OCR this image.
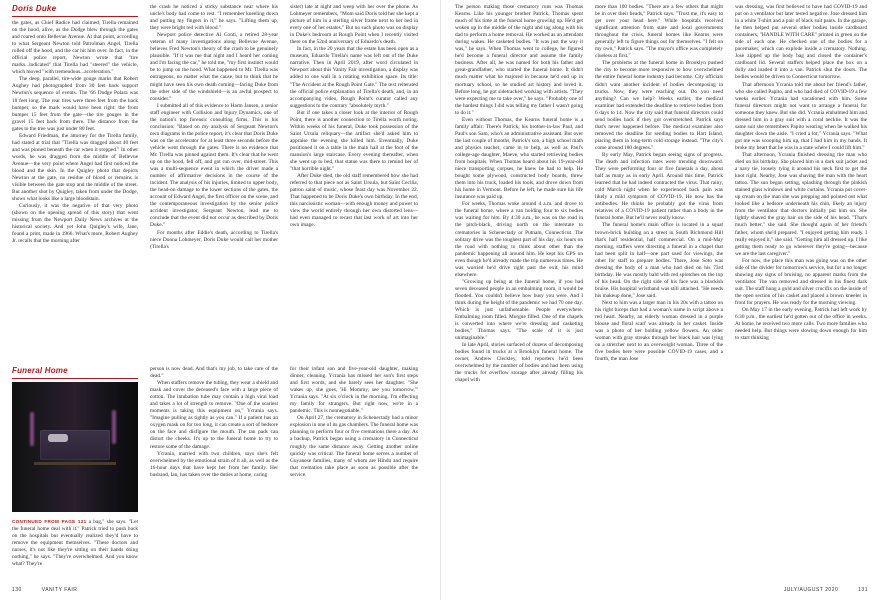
Doris Duke

the gates, as Chief Radice had claimed, Tirella remained on the hood, alive, as the Dodge blew through the gates and roared onto Bellevue Avenue. At that point, according to what Sergeant Newton told Patrolman Angel, Tirella rolled off the hood, and the car hit him over. In fact, in the official police report, Newton wrote that "tire marks...indicated" that Tirella had "steered" the vehicle, which moved "with tremendous...acceleration."

The deep, parallel, tire-wide gouge marks that Robert Aughey had photographed from 30 feet back support Newton's sequence of events. The '66 Dodge Polara was 18 feet long. The rear tires were three feet from the back bumper, so the mark would have been right: the front bumper 15 feet from the gate—the tire gouges in the gravel 15 feet back from there. The distance from the gates to the tree was just under 80 feet.

Edward Friedman, the attorney for the Tirella family, had stated at trial that "Tirella was dragged about 40 feet and was pinned beneath the car when it stopped." In other words, he was dragged from the middle of Bellevue Avenue—the very point where Angel had first noticed the blood and the skin. In the Quigley photo that depicts Newton at the gate, no residue of blood or remains is visible between the gate stop and the middle of the street. But another shot by Quigley, taken from under the Dodge, shows what looks like a large bloodstain.

Curiously, it was the negative of that very photo (shown on the opening spread of this story) that went missing from the Newport Daily News archives at the historical society. And yet John Quigley's wife, Jane, found a print, made in 1966. What's more, Robert Aughey Jr. recalls that the morning after

the crash he noticed a sticky substance near where his uncle's body had come to rest. "I remember kneeling down and putting my fingers in it," he says. "Lifting them up, they were bright red with blood."

Newport police detective Al Conti, a retired 28-year veteran of many investigations along Bellevue Avenue, believes Fred Newton's theory of the crash to be genuinely plausible. "If it was me that night and I heard her coming and I'm facing the car," he told me, "my first instinct would be to jump on the hood. What happened to Mr. Tirella was outrageous, no matter what the cause, but to think that he might have seen his own death coming—facing Duke from the other side of the windshield—is an awful prospect to consider."

I submitted all of this evidence to Harm Jansen, a senior staff engineer with Collision and Injury Dynamics, one of the nation's top forensic consulting firms. This is his conclusion: "Based on my analysis of Sergeant Newton's own diagrams in the police report, it's clear that Doris Duke was on the accelerator for at least three seconds before the vehicle went through the gates. There is no evidence that Mr. Tirella was pinned against them. It's clear that he went up on the hood, fell off, and got run over, mid-street. This was a multi-sequence event in which the driver made a number of affirmative decisions in the course of the incident. The analysis of his injuries, limited to upper body, the head-on damage to the lower sections of the gates, the account of Edward Angel, the first officer on the scene, and the contemporaneous investigation by the senior police accident investigator, Sergeant Newton, lead me to conclude that the event did not occur as described by Doris Duke."

For months after Eddie's death, according to Tirella's niece Donna Lohmeyer, Doris Duke would call her mother (Tirella's

sister) late at night and weep with her over the phone. As Lohmeyer remembers, "Mom said Doris told her she kept a picture of him in a sterling silver frame next to her bed in every one of her estates." But no such photo was on display in Duke's bedroom at Rough Point when I recently visited there on the 52nd anniversary of Eduardo's death.

In fact, in the 20 years that the estate has been open as a museum, Eduardo Tirella's name was left out of the Duke narrative. Then in April 2019, after word circulated in Newport about this Vanity Fair investigation, a display was added to one wall in a rotating exhibition space. Its title: "The Accident at the Rough Point Gate." The text reiterated the official police explanation of Tirella's death, and, in an accompanying video, Rough Point's curator called any suggestions to the contrary "absolutely myth."

But if one takes a closer look at the interior of Rough Point, there is another connection to Tirella worth noting. Within weeks of his funeral, Duke took possession of the Saint Ursula reliquary—the artifact she'd asked him to appraise the evening she killed him. Eventually, Duke positioned it on a table in the main hall at the foot of the mansion's large staircase. Every evening thereafter, when she went up to bed, that statue was there to remind her of "that horrible night."

After Duke died, the old staff remembered how she had referred to that piece not as Saint Ursula, but Saint Cecilia, patron saint of music, whose feast day was November 22. That happened to be Doris Duke's own birthday. In the end, this narcissistic woman—with enough money and power to view the world entirely through her own distorted lens—had even managed to recast that last work of art into her own image.

Funeral Home

CONTINUED FROM PAGE 121 a bag," she says. "Let the funeral home deal with it." Patrick tried to push back on the hospitals but eventually realized they'd have to remove the equipment themselves. "These doctors and nurses, it's not like they're sitting on their hands doing nothing," he says. "They're overwhelmed. And you know what? They're

person is now dead. And that's my job, to take care of the dead."

When staffers remove the tubing, they wear a shield and mask and cover the deceased's face with a large piece of cotton. The intubation tube may contain a high viral load and takes a lot of strength to remove. "One of the scariest moments is taking this equipment on," Ycrania says. "Imagine pulling as tightly as you can." If a patient has an oxygen mask on for too long, it can create a sort of bedsore on the face and disfigure the mouth. The tan pads can distort the cheeks. It's up to the funeral home to try to restore some of the damage.

Ycrania, married with two children, says she's felt overwhelmed by the emotional strain of it all, as well as the 16-hour days that have kept her from her family. Her husband, Ian, has taken over the duties at home, caring

for their infant son and five-year-old daughter, making dinner, cleaning. Ycrania has missed her son's first steps and first words, and she barely sees her daughter. "She wakes up, she goes, 'Hi Mommy, see you tomorrow,'" Ycrania says. "At six o'clock in the morning. I'm effecting my family for strangers. But right now, we're in a pandemic. This is nonnegotiable."

On April 27, the crematory in Schenectady had a minor explosion in one of its gas chambers. The funeral home was planning to perform four or five cremations there a day. As a backup, Patrick began using a crematory in Connecticut roughly the same distance away. Getting another online quickly was critical. The funeral home serves a number of Guyanese families, many of whom are Hindu and require that cremation take place as soon as possible after the service.

130	VANITY FAIR

The person making those crematory runs was Thomas Kearns. Like his younger brother Patrick, Thomas spent much of his time at the funeral home growing up. He'd get woken up in the middle of the night and tag along with his dad to perform a home removal. He worked as an attendant during wakes. He casketed bodies. "It was just the way it was," he says. When Thomas went to college, he figured he'd become a funeral director and assume the family business. After all, he was named for both his father and great-grandfather, who started the funeral home. It didn't much matter what he majored in because he'd end up in mortuary school, so he studied art history and loved it. Before long, he got sidetracked working with artists. "They were expecting me to take over," he says. "Probably one of the hardest things I did was telling my father I wasn't going to do it."

Even without Thomas, the Kearns funeral home is a family affair: There's Patrick, his brother-in-law Paul, and Paul's son Sam, who's an administrative assistant. But over the last couple of months, Patrick's son, a high school math and physics teacher, came in to help, as well as Paul's college-age daughter, Maeve, who started retrieving bodies from hospitals. When Thomas heard about his 19-year-old niece transporting corpses, he knew he had to help. He bought some plywood, constructed body boards, threw them into his truck, loaded his tools, and drove down from his home in Vermont. Before he left, he made sure his life insurance was paid up.

For weeks, Thomas woke around 4 a.m. and drove to the funeral home, where a van holding four to six bodies was waiting for him. By 4:30 a.m., he was on the road in the pitch-black, driving north on the interstate to crematories in Schenectady or Putnam, Connecticut. The solitary drive was the toughest part of his day, six hours on the road with nothing to think about other than the pandemic happening all around him. He kept his GPS on even though he'd already made the trip numerous times. He was worried he'd drive right past the exit, his mind elsewhere.

"Growing up being at the funeral home, if you had seven deceased people in an embalming room, it would be flooded. You couldn't believe how busy you were. And I think during the height of the pandemic we had 70 one day. Which is just unfathomable. People everywhere. Embalming room filled. Morgue filled. One of the chapels is converted into where we're dressing and casketing bodies," Thomas says. "The scale of it is just unimaginable."

In late April, stories surfaced of dozens of decomposing bodies found in trucks at a Brooklyn funeral home. The owner, Andrew Cleckley, told reporters he'd been overwhelmed by the number of bodies and had been using the trucks for overflow storage after already filling his chapel with

more than 100 bodies. "There are a few others that might be in over their heads," Patrick says. "Trust me, it's easy to get over your head here." While hospitals received significant attention from state and local governments throughout the crisis, funeral homes like Kearns were generally left to figure things out for themselves. "I felt on my own," Patrick says. "The mayor's office was completely clueless at first."

The problems at the funeral home in Brooklyn pushed the city to become more responsive to how overwhelmed the entire funeral home industry had become. City officials didn't want another incident of bodies decomposing in trucks. Now, they were reaching out. Do you need anything? Can we help? Weeks earlier, the medical examiner had extended the deadline to retrieve bodies from 6 days to 14. Now the city said that funeral directors could send bodies back if they got overstretched. Patrick says that's never happened before. The medical examiner also removed the deadline for sending bodies to Hart Island, placing them in long-term cold storage instead. "The city's come around 180 degrees."

By early May, Patrick began seeing signs of progress. The death and infection rates were trending downward. They were performing four or five funerals a day, about half as many as in early April. Around this time, Patrick learned that he had indeed contracted the virus. That rainy, cold March night when he experienced back pain was likely a mild symptom of COVID-19. He now has the antibodies. He thinks he probably got the virus from relatives of a COVID-19 patient rather than a body in the funeral home. But he'll never really know.

The funeral home's main office is located in a squat brown-brick building on a street in South Richmond Hill that's half residential, half commercial. On a mid-May morning, staffers were directing a funeral in a chapel that had been split in half—one part used for viewings, the other for staff to prepare bodies. There, Jose Soto was dressing the body of a man who had died on his 73rd birthday. He was mostly bald with red splotches on the top of his head. On the right side of his face was a blackish bruise. His hospital wristband was still attached. "He needs his makeup done," Jose said.

Next to him was a larger man in his 20s with a tattoo on his right biceps that had a woman's name in script above a red heart. Nearby, an elderly woman dressed in a purple blouse and floral scarf was already in her casket. Inside was a photo of her holding yellow flowers. An older woman with gray streaks through her black hair was lying on a stretcher next to an overweight woman. Three of the five bodies here were possible COVID-19 cases, and a fourth, the man Jose

was dressing, was first believed to have had COVID-19 and put on a ventilator but later tested negative. Jose dressed him in a white T-shirt and a pair of black suit pants. In the garage, he then helped put several other bodies inside cardboard containers, "HANDLE WITH CARE" printed in green on the side of each one. He checked one of the bodies for a pacemaker, which can explode inside a crematory. Nothing. Jose zipped up the body bag and closed the container's cardboard lid. Several staffers helped place the box on a dolly and loaded it into a van. Patrick shut the doors. The bodies would be driven to Connecticut tomorrow.

That afternoon Ycrania told me about her friend's father, who she called Papito, and who had died of COVID-19 a few weeks earlier. Ycrania had vacationed with him. Some funeral directors might not want to arrange a funeral for someone they knew. But she did. Ycrania embalmed him and dressed him in a gray suit with a coral necktie. It was the same suit she remembers Papito wearing when he walked his daughter down the aisle. "I cried a lot," Ycrania says. "What got me was scooping him up, that I had him in my hands. It broke my heart that he was in a state where I could lift him."

That afternoon, Ycrania finished dressing the man who died on his birthday. She placed him in a dark suit jacket and a navy tie, loosely tying it around his neck first to get the knot right. Nearby, Jose was shaving the man with the heart tattoo. The sun began setting, splashing through the pinkish stained glass windows and white curtains. Ycrania put cover-up cream on the man she was prepping and pointed out what looked like a bedsore underneath his chin, likely an injury from the ventilator that doctors initially put him on. She lightly shaved the gray hair on the side of his head. "That's much better," she said. She thought again of her friend's father, whom she'd prepared. "I enjoyed getting him ready. I really enjoyed it," she said. "Getting him all dressed up. I like getting them ready to go wherever they're going—because we are the last caregiver."

For now, the place this man was going was on the other side of the divider for tomorrow's service, but for a no longer showing any signs of bruising, no apparent marks from the ventilator. The van removed and dressed in his finest dark suit. The staff hung a gold and silver crucifix on the inside of the open section of his casket and placed a brown kneeler in front for prayers. He was ready for the morning viewing.

On May 17 in the early evening, Patrick had left work by 6:30 p.m., the earliest he'd gotten out of the office in weeks. At home, he received two more calls. Two more families who needed help. But things were slowing down enough for him to start thinking

JULY/AUGUST 2020	131
